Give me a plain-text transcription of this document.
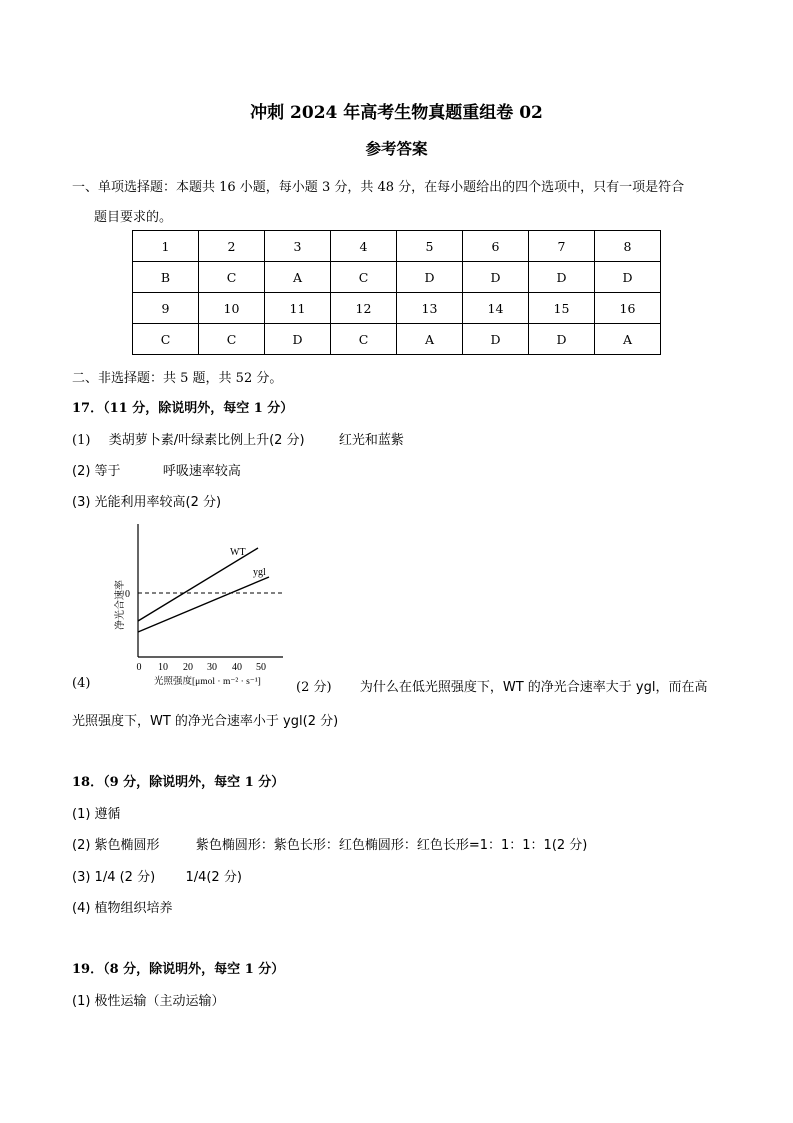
冲刺 2024 年高考生物真题重组卷 02
参考答案
一、单项选择题：本题共 16 小题，每小题 3 分，共 48 分，在每小题给出的四个选项中，只有一项是符合
题目要求的。
1	2	3	4	5	6	7	8
B	C	A	C	D	D	D	D
9	10	11	12	13	14	15	16
C	C	D	C	A	D	D	A
二、非选择题：共 5 题，共 52 分。
17．（11 分，除说明外，每空 1 分）
(1) 类胡萝卜素/叶绿素比例上升(2 分)	红光和蓝紫
(2) 等于	呼吸速率较高
(3) 光能利用率较高(2 分)
0
净光合速率
WT
ygl
0 10 20 30 40 50
光照强度[μmol · m⁻² · s⁻¹]
(4)	(2 分) 为什么在低光照强度下，WT 的净光合速率大于 ygl，而在高
光照强度下，WT 的净光合速率小于 ygl(2 分)
18．（9 分，除说明外，每空 1 分）
(1) 遵循
(2) 紫色椭圆形	紫色椭圆形：紫色长形：红色椭圆形：红色长形=1：1：1：1(2 分)
(3) 1/4 (2 分) 1/4(2 分)
(4) 植物组织培养
19．（8 分，除说明外，每空 1 分）
(1) 极性运输（主动运输）
